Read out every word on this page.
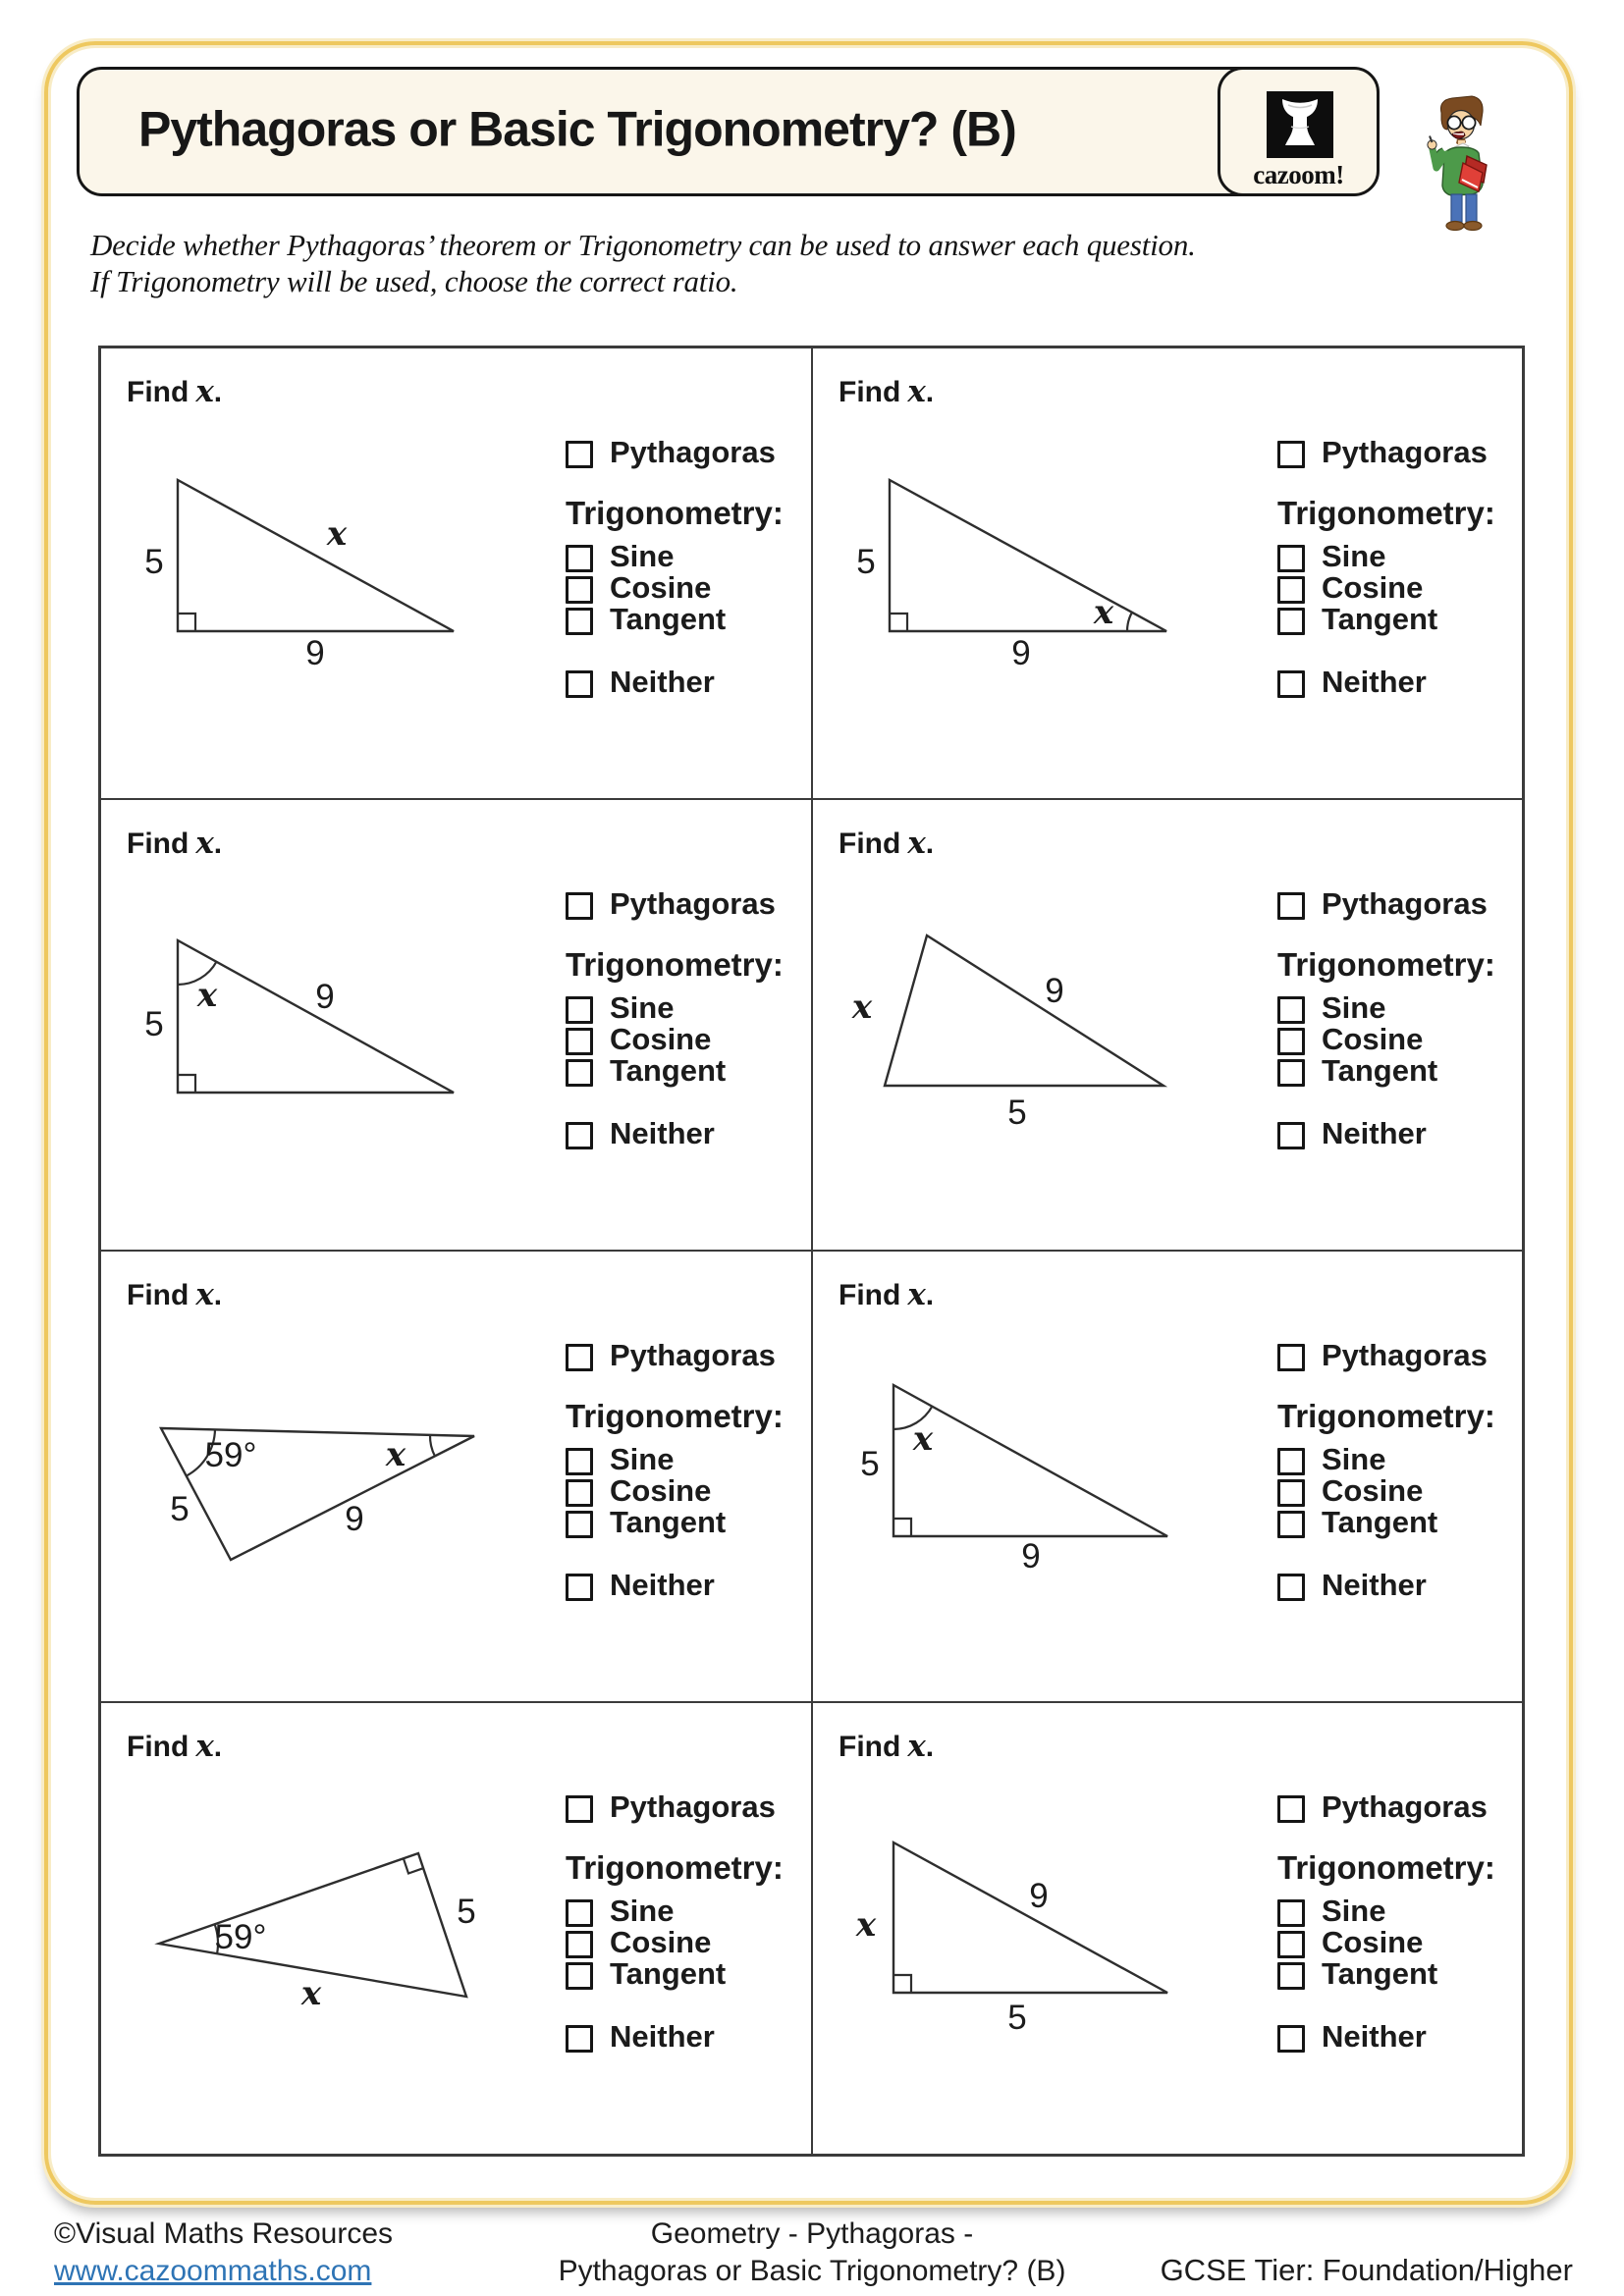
Pythagoras or Basic Trigonometry? (B)
cazoom!
Decide whether Pythagoras’ theorem or Trigonometry can be used to answer each question.
If Trigonometry will be used, choose the correct ratio.
Find x.
5
x
9
Pythagoras
Trigonometry:
Sine
Cosine
Tangent
Neither
Find x.
5
x
9
Pythagoras
Trigonometry:
Sine
Cosine
Tangent
Neither
Find x.
x	9
5
Pythagoras
Trigonometry:
Sine
Cosine
Tangent
Neither
Find x.
x	9
5
Pythagoras
Trigonometry:
Sine
Cosine
Tangent
Neither
Find x.
59°	x
5	9
Pythagoras
Trigonometry:
Sine
Cosine
Tangent
Neither
Find x.
x
5
9
Pythagoras
Trigonometry:
Sine
Cosine
Tangent
Neither
Find x.
59°
5
x
Pythagoras
Trigonometry:
Sine
Cosine
Tangent
Neither
Find x.
x
9
5
Pythagoras
Trigonometry:
Sine
Cosine
Tangent
Neither
©Visual Maths Resources
www.cazoommaths.com
Geometry - Pythagoras -
Pythagoras or Basic Trigonometry? (B)	GCSE Tier: Foundation/Higher
